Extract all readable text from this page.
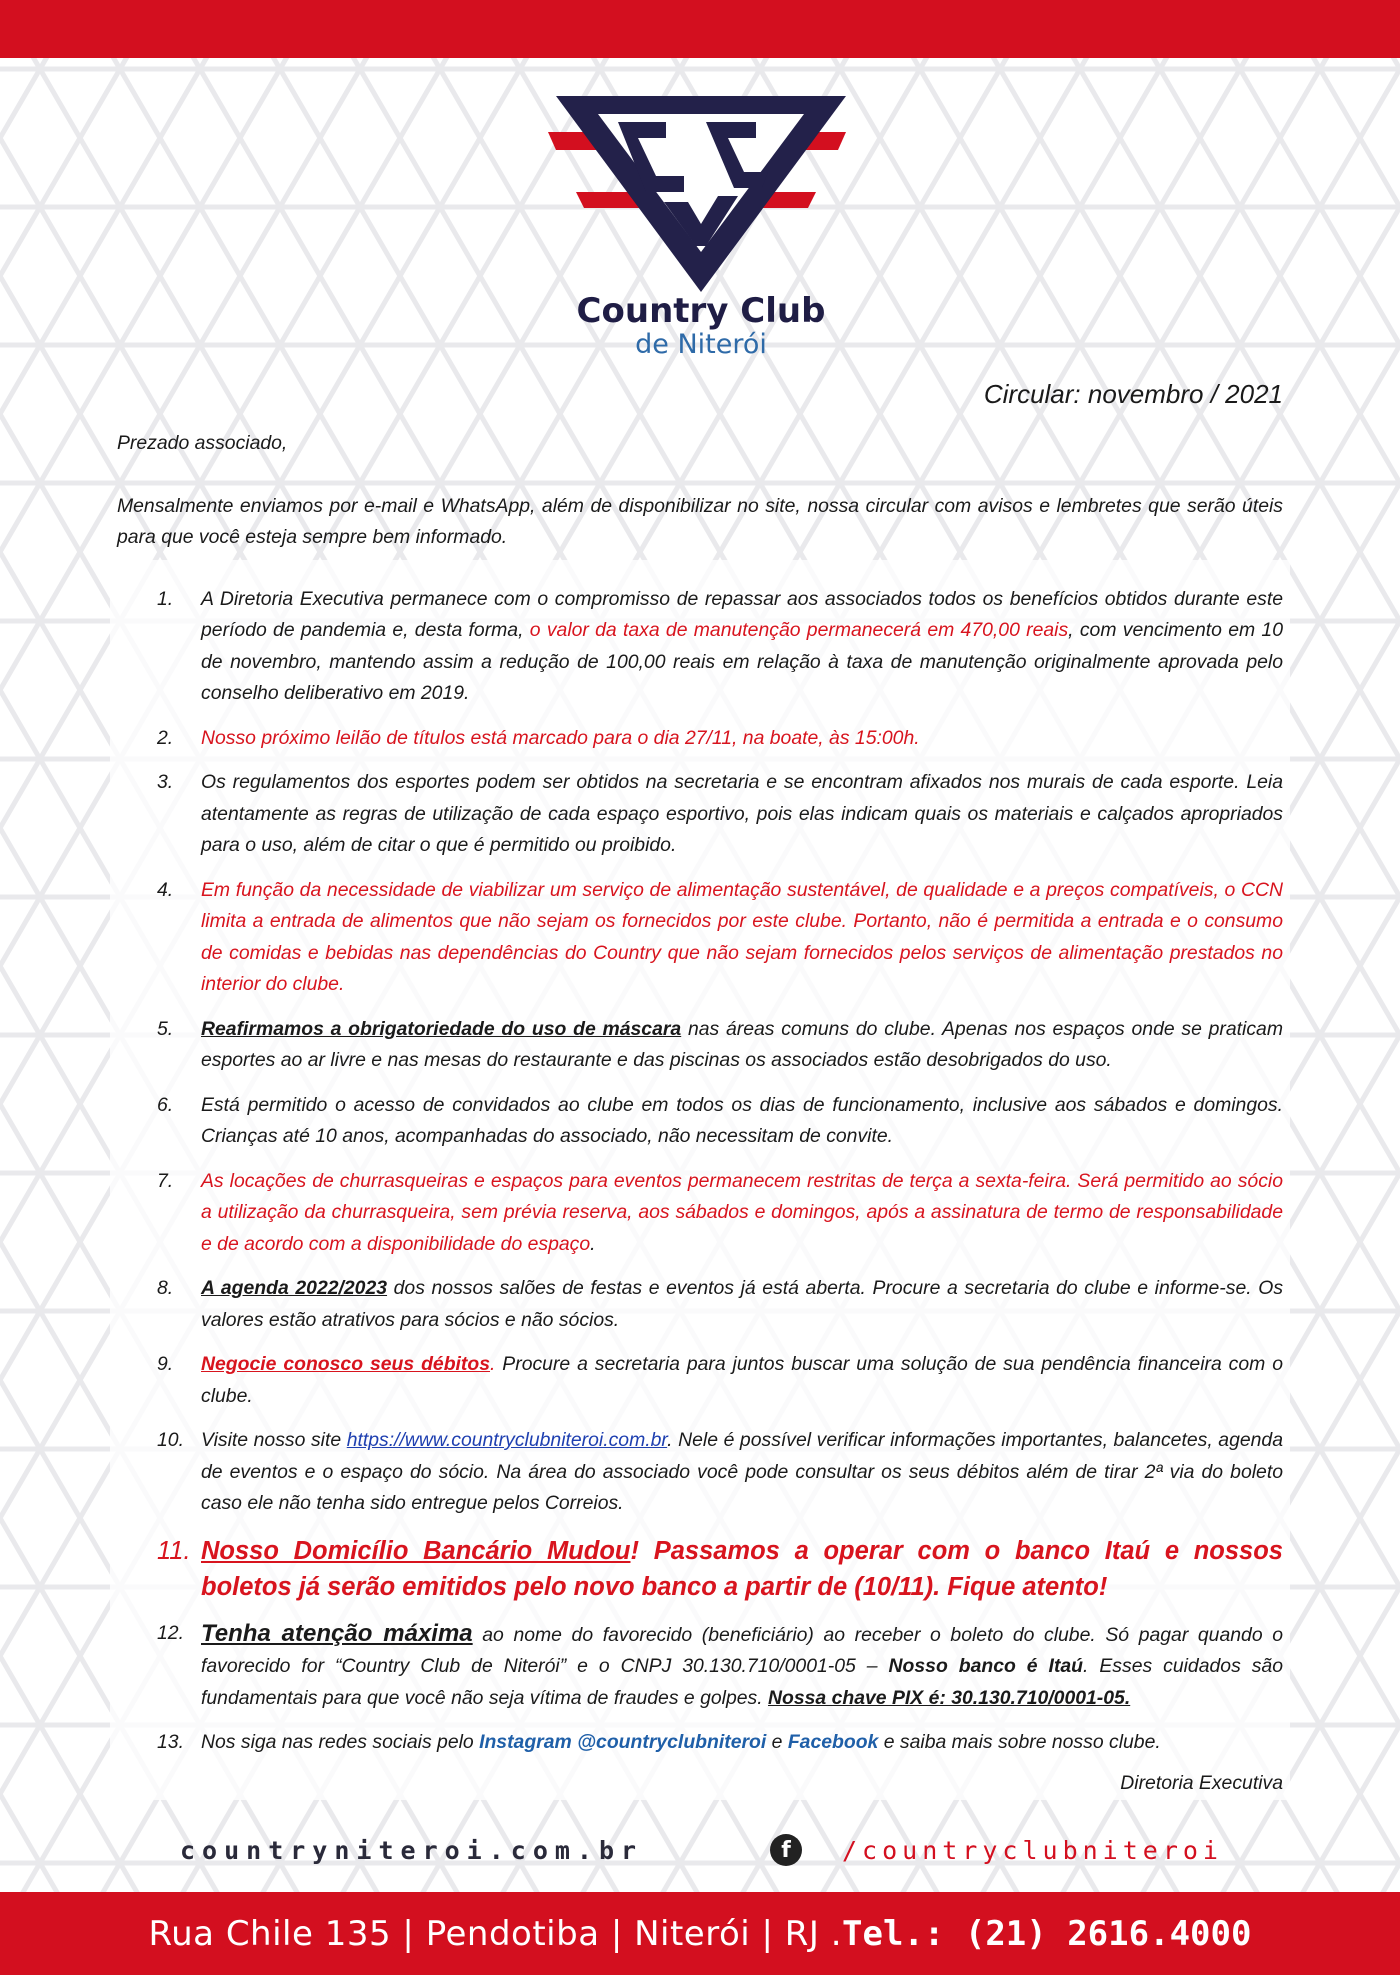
Country Club
de Niterói
Circular: novembro / 2021

Prezado associado,

Mensalmente enviamos por e-mail e WhatsApp, além de disponibilizar no site, nossa circular com avisos e lembretes que serão úteis para que você esteja sempre bem informado.

1. A Diretoria Executiva permanece com o compromisso de repassar aos associados todos os benefícios obtidos durante este período de pandemia e, desta forma, o valor da taxa de manutenção permanecerá em 470,00 reais, com vencimento em 10 de novembro, mantendo assim a redução de 100,00 reais em relação à taxa de manutenção originalmente aprovada pelo conselho deliberativo em 2019.
2. Nosso próximo leilão de títulos está marcado para o dia 27/11, na boate, às 15:00h.
3. Os regulamentos dos esportes podem ser obtidos na secretaria e se encontram afixados nos murais de cada esporte. Leia atentamente as regras de utilização de cada espaço esportivo, pois elas indicam quais os materiais e calçados apropriados para o uso, além de citar o que é permitido ou proibido.
4. Em função da necessidade de viabilizar um serviço de alimentação sustentável, de qualidade e a preços compatíveis, o CCN limita a entrada de alimentos que não sejam os fornecidos por este clube. Portanto, não é permitida a entrada e o consumo de comidas e bebidas nas dependências do Country que não sejam fornecidos pelos serviços de alimentação prestados no interior do clube.
5. Reafirmamos a obrigatoriedade do uso de máscara nas áreas comuns do clube. Apenas nos espaços onde se praticam esportes ao ar livre e nas mesas do restaurante e das piscinas os associados estão desobrigados do uso.
6. Está permitido o acesso de convidados ao clube em todos os dias de funcionamento, inclusive aos sábados e domingos. Crianças até 10 anos, acompanhadas do associado, não necessitam de convite.
7. As locações de churrasqueiras e espaços para eventos permanecem restritas de terça a sexta-feira. Será permitido ao sócio a utilização da churrasqueira, sem prévia reserva, aos sábados e domingos, após a assinatura de termo de responsabilidade e de acordo com a disponibilidade do espaço.
8. A agenda 2022/2023 dos nossos salões de festas e eventos já está aberta. Procure a secretaria do clube e informe-se. Os valores estão atrativos para sócios e não sócios.
9. Negocie conosco seus débitos. Procure a secretaria para juntos buscar uma solução de sua pendência financeira com o clube.
10. Visite nosso site https://www.countryclubniteroi.com.br. Nele é possível verificar informações importantes, balancetes, agenda de eventos e o espaço do sócio. Na área do associado você pode consultar os seus débitos além de tirar 2ª via do boleto caso ele não tenha sido entregue pelos Correios.
11. Nosso Domicílio Bancário Mudou! Passamos a operar com o banco Itaú e nossos boletos já serão emitidos pelo novo banco a partir de (10/11). Fique atento!
12. Tenha atenção máxima ao nome do favorecido (beneficiário) ao receber o boleto do clube. Só pagar quando o favorecido for “Country Club de Niterói” e o CNPJ 30.130.710/0001-05 – Nosso banco é Itaú. Esses cuidados são fundamentais para que você não seja vítima de fraudes e golpes. Nossa chave PIX é: 30.130.710/0001-05.
13. Nos siga nas redes sociais pelo Instagram @countryclubniteroi e Facebook e saiba mais sobre nosso clube.
Diretoria Executiva
countryniteroi.com.br	f	/countryclubniteroi
Rua Chile 135 | Pendotiba | Niterói | RJ . Tel.: (21) 2616.4000
